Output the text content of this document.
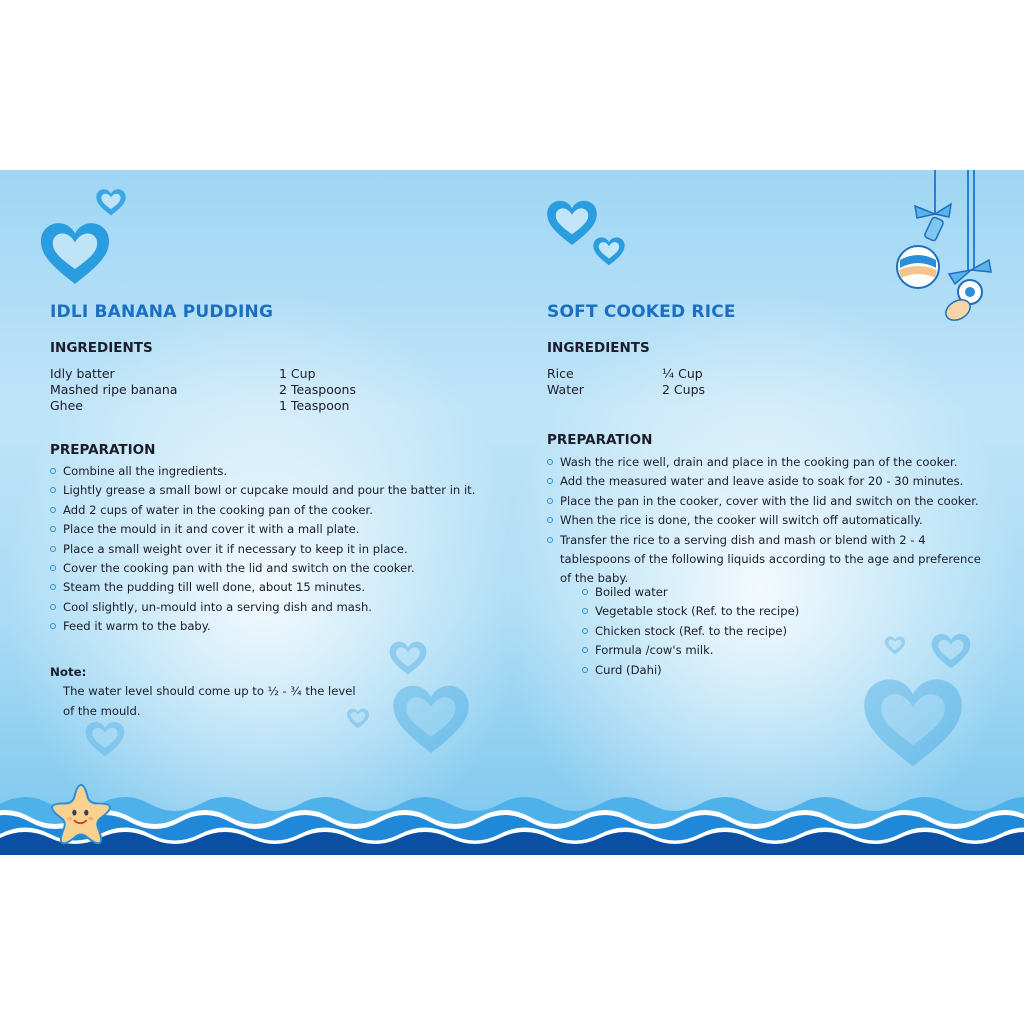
IDLI BANANA PUDDING
INGREDIENTS
Idly batter	1 Cup
Mashed ripe banana	2 Teaspoons
Ghee	1 Teaspoon
PREPARATION
Combine all the ingredients.
Lightly grease a small bowl or cupcake mould and pour the batter in it.
Add 2 cups of water in the cooking pan of the cooker.
Place the mould in it and cover it with a mall plate.
Place a small weight over it if necessary to keep it in place.
Cover the cooking pan with the lid and switch on the cooker.
Steam the pudding till well done, about 15 minutes.
Cool slightly, un-mould into a serving dish and mash.
Feed it warm to the baby.

Note:

The water level should come up to ½ - ¾ the level

of the mould.

SOFT COOKED RICE
INGREDIENTS
Rice	¼ Cup
Water	2 Cups
PREPARATION
Wash the rice well, drain and place in the cooking pan of the cooker.
Add the measured water and leave aside to soak for 20 - 30 minutes.
Place the pan in the cooker, cover with the lid and switch on the cooker.
When the rice is done, the cooker will switch off automatically.
Transfer the rice to a serving dish and mash or blend with 2 - 4 tablespoons of the following liquids according to the age and preference of the baby.
Boiled water
Vegetable stock (Ref. to the recipe)
Chicken stock (Ref. to the recipe)
Formula /cow's milk.
Curd (Dahi)
